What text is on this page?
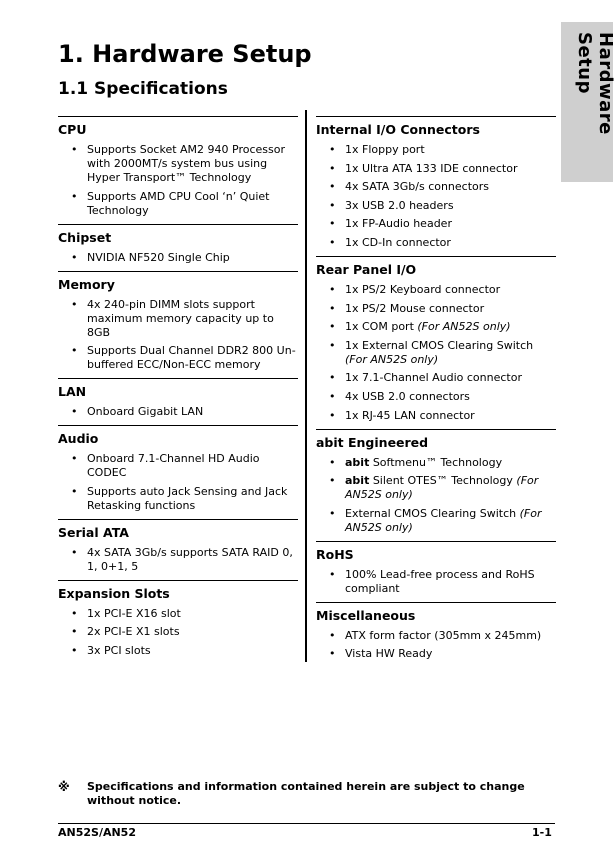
Hardware Setup
1. Hardware Setup
1.1 Specifications
CPU
• Supports Socket AM2 940 Processor with 2000MT/s system bus using Hyper Transport™ Technology
• Supports AMD CPU Cool ‘n’ Quiet Technology
Chipset
• NVIDIA NF520 Single Chip
Memory
• 4x 240-pin DIMM slots support maximum memory capacity up to 8GB
• Supports Dual Channel DDR2 800 Un-buffered ECC/Non-ECC memory
LAN
• Onboard Gigabit LAN
Audio
• Onboard 7.1-Channel HD Audio CODEC
• Supports auto Jack Sensing and Jack Retasking functions
Serial ATA
• 4x SATA 3Gb/s supports SATA RAID 0, 1, 0+1, 5
Expansion Slots
• 1x PCI-E X16 slot
• 2x PCI-E X1 slots
• 3x PCI slots
Internal I/O Connectors
• 1x Floppy port
• 1x Ultra ATA 133 IDE connector
• 4x SATA 3Gb/s connectors
• 3x USB 2.0 headers
• 1x FP-Audio header
• 1x CD-In connector
Rear Panel I/O
• 1x PS/2 Keyboard connector
• 1x PS/2 Mouse connector
• 1x COM port (For AN52S only)
• 1x External CMOS Clearing Switch (For AN52S only)
• 1x 7.1-Channel Audio connector
• 4x USB 2.0 connectors
• 1x RJ-45 LAN connector
abit Engineered
• abit Softmenu™ Technology
• abit Silent OTES™ Technology (For AN52S only)
• External CMOS Clearing Switch (For AN52S only)
RoHS
• 100% Lead-free process and RoHS compliant
Miscellaneous
• ATX form factor (305mm x 245mm)
• Vista HW Ready
※ Specifications and information contained herein are subject to change without notice.
AN52S/AN52	1-1
